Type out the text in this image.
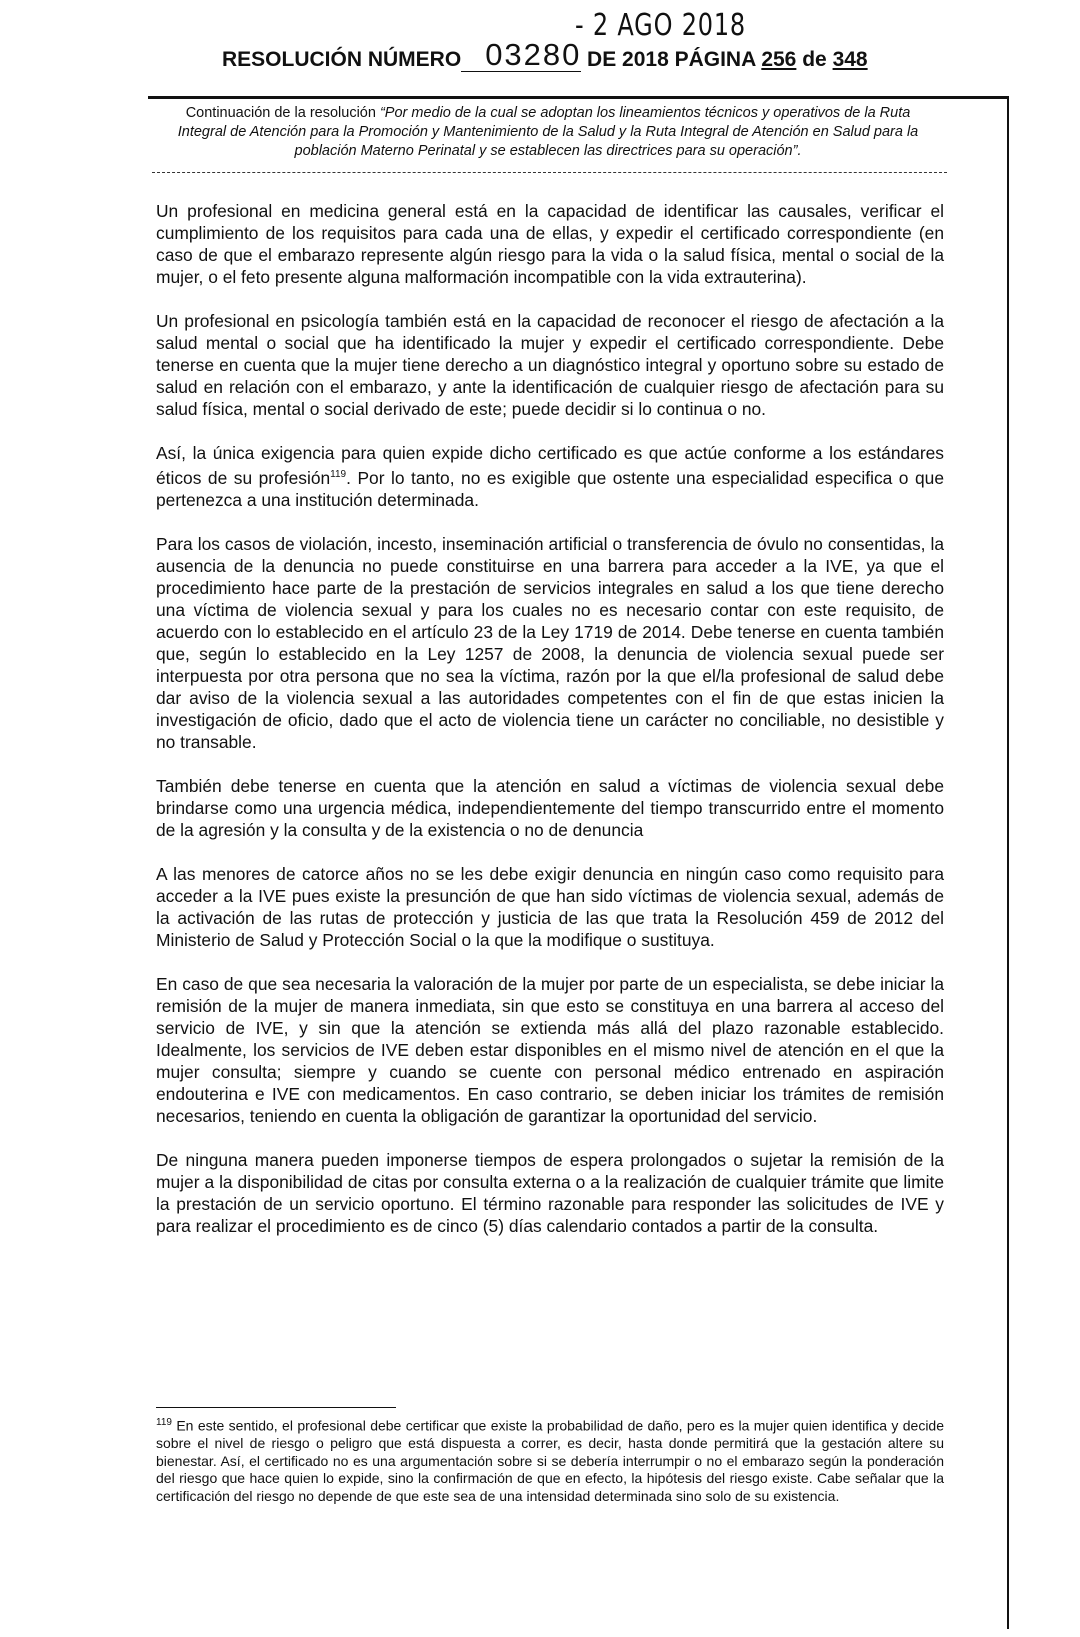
- 2 AGO 2018
RESOLUCIÓN NÚMERO 03280 DE 2018 PÁGINA 256 de 348
Continuación de la resolución “Por medio de la cual se adoptan los lineamientos técnicos y operativos de la Ruta Integral de Atención para la Promoción y Mantenimiento de la Salud y la Ruta Integral de Atención en Salud para la población Materno Perinatal y se establecen las directrices para su operación”.

Un profesional en medicina general está en la capacidad de identificar las causales, verificar el cumplimiento de los requisitos para cada una de ellas, y expedir el certificado correspondiente (en caso de que el embarazo represente algún riesgo para la vida o la salud física, mental o social de la mujer, o el feto presente alguna malformación incompatible con la vida extrauterina).

Un profesional en psicología también está en la capacidad de reconocer el riesgo de afectación a la salud mental o social que ha identificado la mujer y expedir el certificado correspondiente. Debe tenerse en cuenta que la mujer tiene derecho a un diagnóstico integral y oportuno sobre su estado de salud en relación con el embarazo, y ante la identificación de cualquier riesgo de afectación para su salud física, mental o social derivado de este; puede decidir si lo continua o no.

Así, la única exigencia para quien expide dicho certificado es que actúe conforme a los estándares éticos de su profesión$^{119}$. Por lo tanto, no es exigible que ostente una especialidad especifica o que pertenezca a una institución determinada.

Para los casos de violación, incesto, inseminación artificial o transferencia de óvulo no consentidas, la ausencia de la denuncia no puede constituirse en una barrera para acceder a la IVE, ya que el procedimiento hace parte de la prestación de servicios integrales en salud a los que tiene derecho una víctima de violencia sexual y para los cuales no es necesario contar con este requisito, de acuerdo con lo establecido en el artículo 23 de la Ley 1719 de 2014. Debe tenerse en cuenta también que, según lo establecido en la Ley 1257 de 2008, la denuncia de violencia sexual puede ser interpuesta por otra persona que no sea la víctima, razón por la que el/la profesional de salud debe dar aviso de la violencia sexual a las autoridades competentes con el fin de que estas inicien la investigación de oficio, dado que el acto de violencia tiene un carácter no conciliable, no desistible y no transable.

También debe tenerse en cuenta que la atención en salud a víctimas de violencia sexual debe brindarse como una urgencia médica, independientemente del tiempo transcurrido entre el momento de la agresión y la consulta y de la existencia o no de denuncia

A las menores de catorce años no se les debe exigir denuncia en ningún caso como requisito para acceder a la IVE pues existe la presunción de que han sido víctimas de violencia sexual, además de la activación de las rutas de protección y justicia de las que trata la Resolución 459 de 2012 del Ministerio de Salud y Protección Social o la que la modifique o sustituya.

En caso de que sea necesaria la valoración de la mujer por parte de un especialista, se debe iniciar la remisión de la mujer de manera inmediata, sin que esto se constituya en una barrera al acceso del servicio de IVE, y sin que la atención se extienda más allá del plazo razonable establecido. Idealmente, los servicios de IVE deben estar disponibles en el mismo nivel de atención en el que la mujer consulta; siempre y cuando se cuente con personal médico entrenado en aspiración endouterina e IVE con medicamentos. En caso contrario, se deben iniciar los trámites de remisión necesarios, teniendo en cuenta la obligación de garantizar la oportunidad del servicio.

De ninguna manera pueden imponerse tiempos de espera prolongados o sujetar la remisión de la mujer a la disponibilidad de citas por consulta externa o a la realización de cualquier trámite que limite la prestación de un servicio oportuno. El término razonable para responder las solicitudes de IVE y para realizar el procedimiento es de cinco (5) días calendario contados a partir de la consulta.

$^{119}$ En este sentido, el profesional debe certificar que existe la probabilidad de daño, pero es la mujer quien identifica y decide sobre el nivel de riesgo o peligro que está dispuesta a correr, es decir, hasta donde permitirá que la gestación altere su bienestar. Así, el certificado no es una argumentación sobre si se debería interrumpir o no el embarazo según la ponderación del riesgo que hace quien lo expide, sino la confirmación de que en efecto, la hipótesis del riesgo existe. Cabe señalar que la certificación del riesgo no depende de que este sea de una intensidad determinada sino solo de su existencia.
